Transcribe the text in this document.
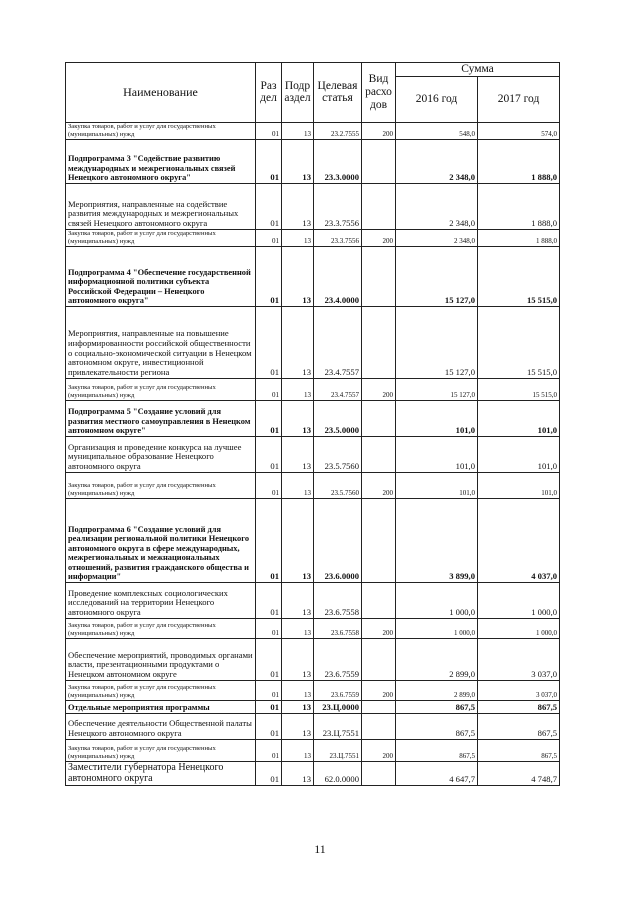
Наименование	Раз дел	Подр аздел	Целевая статья	Вид расхо дов	Сумма	
					2016 год	2017 год
Закупка товаров, работ и услуг для государственных (муниципальных) нужд	01	13	23.2.7555	200	548,0	574,0
Подпрограмма 3 "Содействие развитию международных и межрегиональных связей Ненецкого автономного округа"	01	13	23.3.0000		2 348,0	1 888,0
Мероприятия, направленные на содействие развития международных и межрегиональных связей Ненецкого автономного округа	01	13	23.3.7556		2 348,0	1 888,0
Закупка товаров, работ и услуг для государственных (муниципальных) нужд	01	13	23.3.7556	200	2 348,0	1 888,0
Подпрограмма 4 "Обеспечение государственной информационной политики субъекта Российской Федерации – Ненецкого автономного округа"	01	13	23.4.0000		15 127,0	15 515,0
Мероприятия, направленные на повышение информированности российской общественности о социально-экономической ситуации в Ненецком автономном округе, инвестиционной привлекательности региона	01	13	23.4.7557		15 127,0	15 515,0
Закупка товаров, работ и услуг для государственных (муниципальных) нужд	01	13	23.4.7557	200	15 127,0	15 515,0
Подпрограмма 5 "Создание условий для развития местного самоуправления в Ненецком автономном округе"	01	13	23.5.0000		101,0	101,0
Организация и проведение конкурса на лучшее муниципальное образование Ненецкого автономного округа	01	13	23.5.7560		101,0	101,0
Закупка товаров, работ и услуг для государственных (муниципальных) нужд	01	13	23.5.7560	200	101,0	101,0
Подпрограмма 6 "Создание условий для реализации региональной политики Ненецкого автономного округа в сфере международных, межрегиональных и межнациональных отношений, развития гражданского общества и информации"	01	13	23.6.0000		3 899,0	4 037,0
Проведение комплексных социологических исследований на территории Ненецкого автономного округа	01	13	23.6.7558		1 000,0	1 000,0
Закупка товаров, работ и услуг для государственных (муниципальных) нужд	01	13	23.6.7558	200	1 000,0	1 000,0
Обеспечение мероприятий, проводимых органами власти, презентационными продуктами о Ненецком автономном округе	01	13	23.6.7559		2 899,0	3 037,0
Закупка товаров, работ и услуг для государственных (муниципальных) нужд	01	13	23.6.7559	200	2 899,0	3 037,0
Отдельные мероприятия программы	01	13	23.Ц.0000		867,5	867,5
Обеспечение деятельности Общественной палаты Ненецкого автономного округа	01	13	23.Ц.7551		867,5	867,5
Закупка товаров, работ и услуг для государственных (муниципальных) нужд	01	13	23.Ц.7551	200	867,5	867,5
Заместители губернатора Ненецкого автономного округа	01	13	62.0.0000		4 647,7	4 748,7
11
